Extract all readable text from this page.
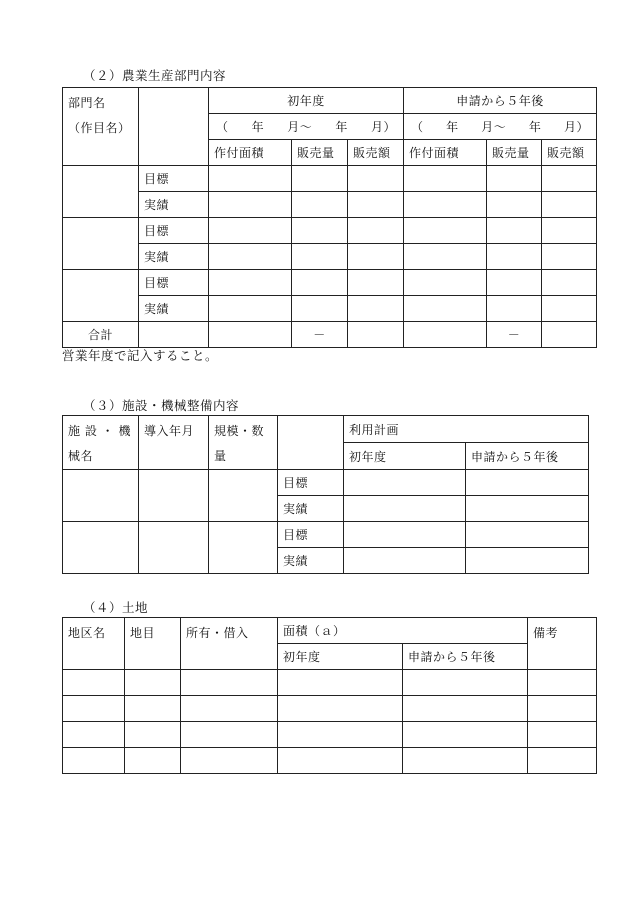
（２）農業生産部門内容
部門名
（作目名）		初年度			申請から５年後		

		（ 年 月～ 年 月）			（ 年 月～ 年 月）		

		作付面積	販売量	販売額	作付面積	販売量	販売額
	目標						
	実績						
	目標						
	実績						
	目標						
	実績						
合計			－			－	
営業年度で記入すること。
（３）施設・機械整備内容
施 設 ・ 機
械名	導入年月	規模・数
量		利用計画	
				初年度	申請から５年後
			目標		
			実績		
			目標		
			実績		
（４）土地
地区名	地目	所有・借入	面積（ａ）		備考

			初年度	申請から５年後	
